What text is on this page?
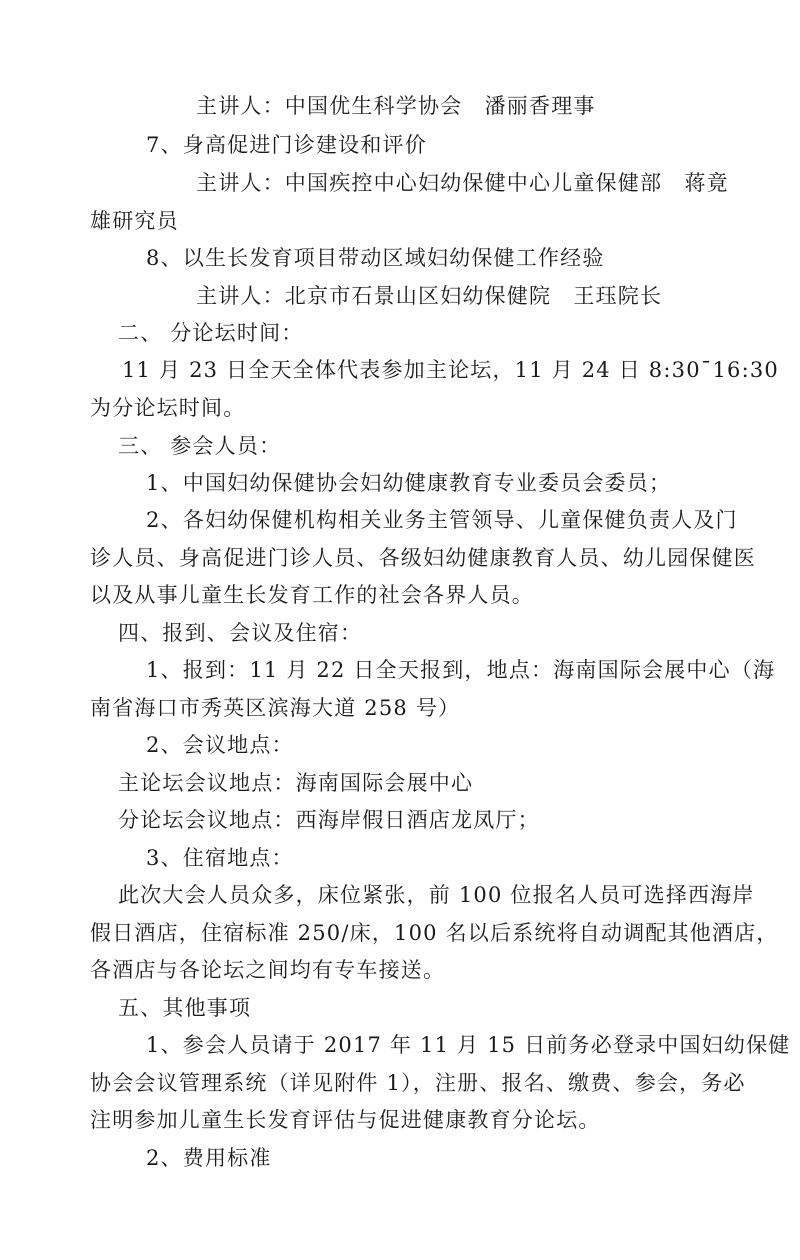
主讲人：中国优生科学协会　潘丽香理事
7、身高促进门诊建设和评价
主讲人：中国疾控中心妇幼保健中心儿童保健部　蒋竟
雄研究员
8、以生长发育项目带动区域妇幼保健工作经验
主讲人：北京市石景山区妇幼保健院　王珏院长
二、 分论坛时间：
11 月 23 日全天全体代表参加主论坛，11 月 24 日 8:30¯16:30
为分论坛时间。
三、 参会人员：
1、中国妇幼保健协会妇幼健康教育专业委员会委员；
2、各妇幼保健机构相关业务主管领导、儿童保健负责人及门
诊人员、身高促进门诊人员、各级妇幼健康教育人员、幼儿园保健医
以及从事儿童生长发育工作的社会各界人员。
四、报到、会议及住宿：
1、报到：11 月 22 日全天报到，地点：海南国际会展中心（海
南省海口市秀英区滨海大道 258 号）
2、会议地点：
主论坛会议地点：海南国际会展中心
分论坛会议地点：西海岸假日酒店龙凤厅；
3、住宿地点：
此次大会人员众多，床位紧张，前 100 位报名人员可选择西海岸
假日酒店，住宿标准 250/床，100 名以后系统将自动调配其他酒店，
各酒店与各论坛之间均有专车接送。
五、其他事项
1、参会人员请于 2017 年 11 月 15 日前务必登录中国妇幼保健
协会会议管理系统（详见附件 1），注册、报名、缴费、参会，务必
注明参加儿童生长发育评估与促进健康教育分论坛。
2、费用标准
